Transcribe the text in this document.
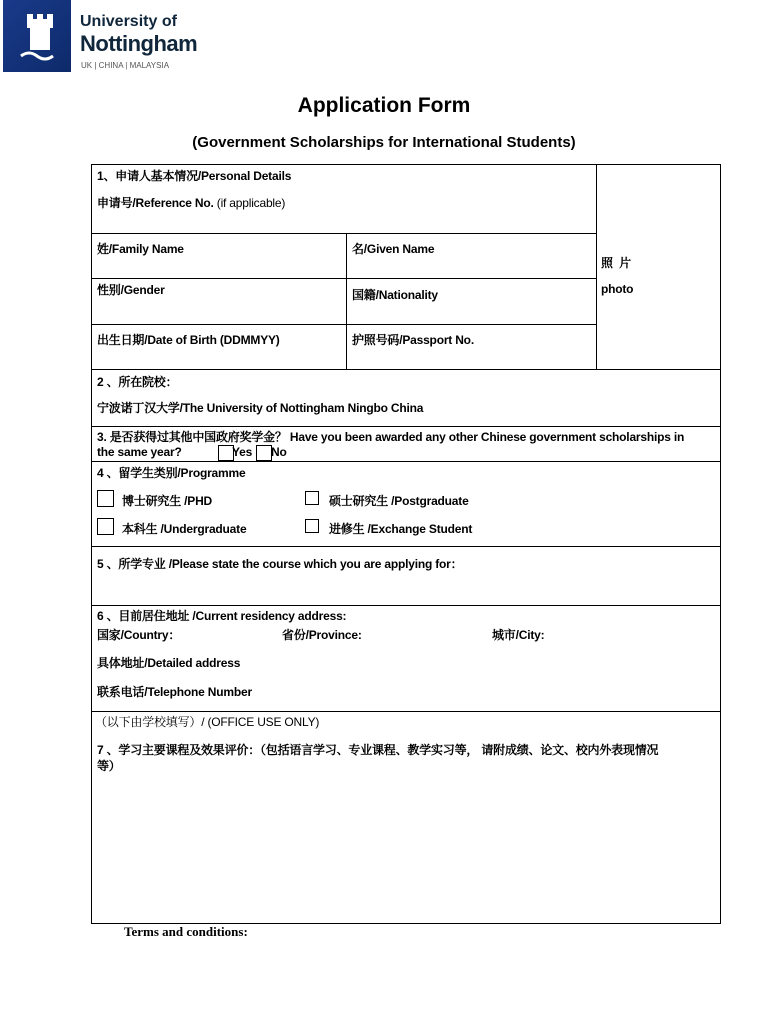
University of
Nottingham
UK | CHINA | MALAYSIA
Application Form
(Government Scholarships for International Students)
1、申请人基本情况/Personal Details
申请号/Reference No. (if applicable)
姓/Family Name	名/Given Name
性别/Gender	国籍/Nationality
出生日期/Date of Birth (DDMMYY)	护照号码/Passport No.
照  片
photo
2 、所在院校：
宁波诺丁汉大学/The University of Nottingham Ningbo China
3. 是否获得过其他中国政府奖学金？ Have you been awarded any other Chinese government scholarships in
the same year?	Yes No
4 、留学生类别/Programme
博士研究生 /PHD	硕士研究生 /Postgraduate
本科生 /Undergraduate	进修生 /Exchange Student
5 、所学专业 /Please state the course which you are applying for：
6 、目前居住地址 /Current residency address:
国家/Country：	省份/Province:	城市/City:
具体地址/Detailed address
联系电话/Telephone Number
（以下由学校填写）/ (OFFICE USE ONLY)
7 、学习主要课程及效果评价：（包括语言学习、专业课程、教学实习等， 请附成绩、论文、校内外表现情况
等）
Terms and conditions:
